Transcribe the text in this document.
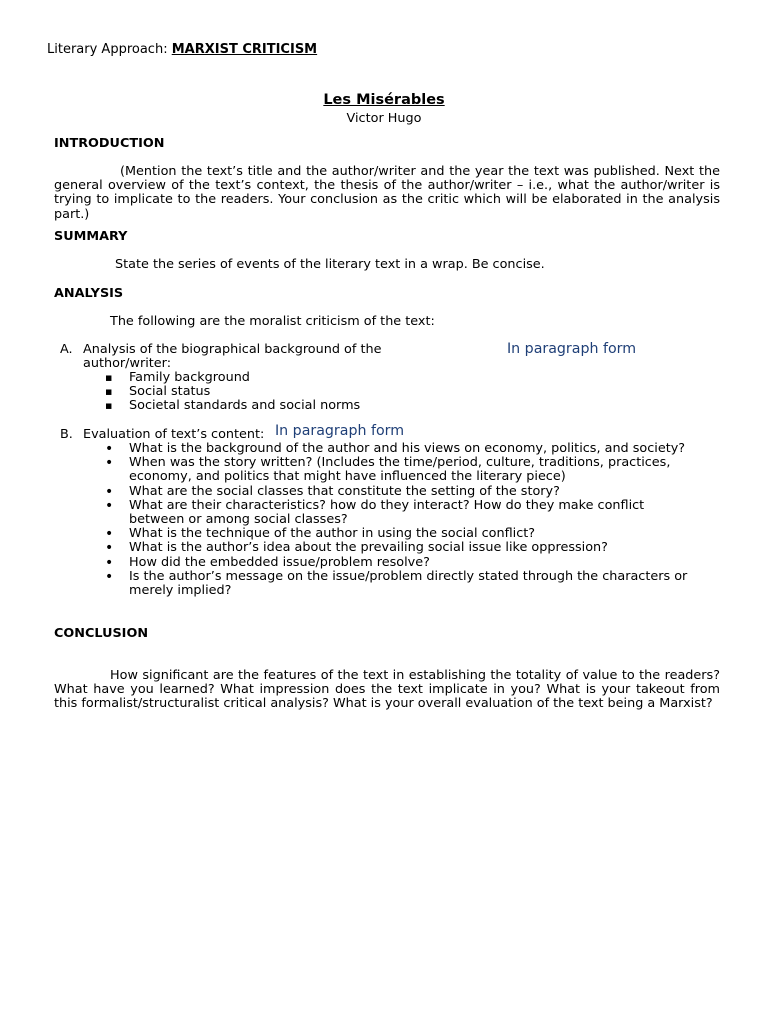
Literary Approach: MARXIST CRITICISM
Les Misérables
Victor Hugo
INTRODUCTION
(Mention the text’s title and the author/writer and the year the text was published. Next the general overview of the text’s context, the thesis of the author/writer – i.e., what the author/writer is trying to implicate to the readers. Your conclusion as the critic which will be elaborated in the analysis part.)
SUMMARY
State the series of events of the literary text in a wrap. Be concise.
ANALYSIS
The following are the moralist criticism of the text:
A. Analysis of the biographical background of the
author/writer:
In paragraph form
▪ Family background
▪ Social status
▪ Societal standards and social norms
B. Evaluation of text’s content: In paragraph form
• What is the background of the author and his views on economy, politics, and society?
• When was the story written? (Includes the time/period, culture, traditions, practices, economy, and politics that might have influenced the literary piece)
• What are the social classes that constitute the setting of the story?
• What are their characteristics? how do they interact? How do they make conflict between or among social classes?
• What is the technique of the author in using the social conflict?
• What is the author’s idea about the prevailing social issue like oppression?
• How did the embedded issue/problem resolve?
• Is the author’s message on the issue/problem directly stated through the characters or merely implied?
CONCLUSION
How significant are the features of the text in establishing the totality of value to the readers? What have you learned? What impression does the text implicate in you? What is your takeout from this formalist/structuralist critical analysis? What is your overall evaluation of the text being a Marxist?
